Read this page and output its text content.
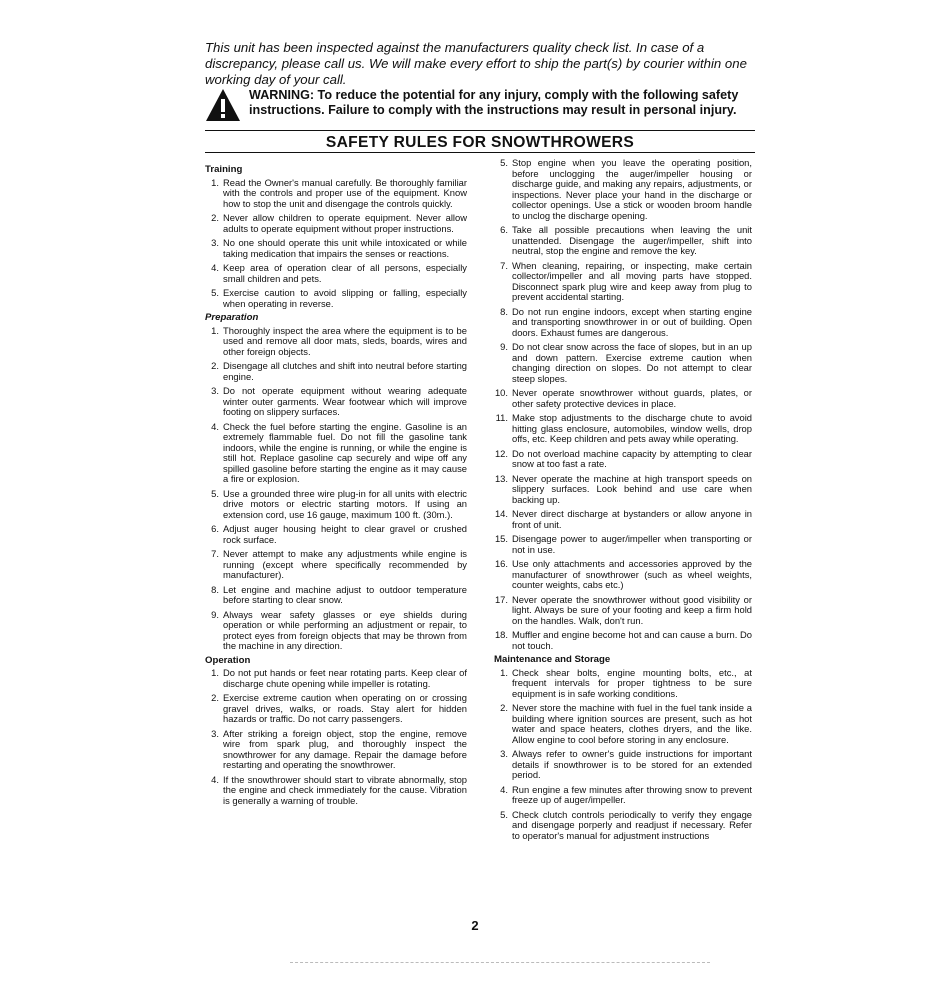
This unit has been inspected against the manufacturers quality check list. In case of a discrepancy, please call us. We will make every effort to ship the part(s) by courier within one working day of your call.
WARNING: To reduce the potential for any injury, comply with the following safety instructions. Failure to comply with the instructions may result in personal injury.
SAFETY RULES FOR SNOWTHROWERS
Training
1. Read the Owner's manual carefully. Be thoroughly familiar with the controls and proper use of the equipment. Know how to stop the unit and disengage the controls quickly.
2. Never allow children to operate equipment. Never allow adults to operate equipment without proper instructions.
3. No one should operate this unit while intoxicated or while taking medication that impairs the senses or reactions.
4. Keep area of operation clear of all persons, especially small children and pets.
5. Exercise caution to avoid slipping or falling, especially when operating in reverse.
Preparation
1. Thoroughly inspect the area where the equipment is to be used and remove all door mats, sleds, boards, wires and other foreign objects.
2. Disengage all clutches and shift into neutral before starting engine.
3. Do not operate equipment without wearing adequate winter outer garments. Wear footwear which will improve footing on slippery surfaces.
4. Check the fuel before starting the engine. Gasoline is an extremely flammable fuel. Do not fill the gasoline tank indoors, while the engine is running, or while the engine is still hot. Replace gasoline cap securely and wipe off any spilled gasoline before starting the engine as it may cause a fire or explosion.
5. Use a grounded three wire plug-in for all units with electric drive motors or electric starting motors. If using an extension cord, use 16 gauge, maximum 100 ft. (30m.).
6. Adjust auger housing height to clear gravel or crushed rock surface.
7. Never attempt to make any adjustments while engine is running (except where specifically recommended by manufacturer).
8. Let engine and machine adjust to outdoor temperature before starting to clear snow.
9. Always wear safety glasses or eye shields during operation or while performing an adjustment or repair, to protect eyes from foreign objects that may be thrown from the machine in any direction.
Operation
1. Do not put hands or feet near rotating parts. Keep clear of discharge chute opening while impeller is rotating.
2. Exercise extreme caution when operating on or crossing gravel drives, walks, or roads. Stay alert for hidden hazards or traffic. Do not carry passengers.
3. After striking a foreign object, stop the engine, remove wire from spark plug, and thoroughly inspect the snowthrower for any damage. Repair the damage before restarting and operating the snowthrower.
4. If the snowthrower should start to vibrate abnormally, stop the engine and check immediately for the cause. Vibration is generally a warning of trouble.
5. Stop engine when you leave the operating position, before unclogging the auger/impeller housing or discharge guide, and making any repairs, adjustments, or inspections. Never place your hand in the discharge or collector openings. Use a stick or wooden broom handle to unclog the discharge opening.
6. Take all possible precautions when leaving the unit unattended. Disengage the auger/impeller, shift into neutral, stop the engine and remove the key.
7. When cleaning, repairing, or inspecting, make certain collector/impeller and all moving parts have stopped. Disconnect spark plug wire and keep away from plug to prevent accidental starting.
8. Do not run engine indoors, except when starting engine and transporting snowthrower in or out of building. Open doors. Exhaust fumes are dangerous.
9. Do not clear snow across the face of slopes, but in an up and down pattern. Exercise extreme caution when changing direction on slopes. Do not attempt to clear steep slopes.
10. Never operate snowthrower without guards, plates, or other safety protective devices in place.
11. Make stop adjustments to the discharge chute to avoid hitting glass enclosure, automobiles, window wells, drop offs, etc. Keep children and pets away while operating.
12. Do not overload machine capacity by attempting to clear snow at too fast a rate.
13. Never operate the machine at high transport speeds on slippery surfaces. Look behind and use care when backing up.
14. Never direct discharge at bystanders or allow anyone in front of unit.
15. Disengage power to auger/impeller when transporting or not in use.
16. Use only attachments and accessories approved by the manufacturer of snowthrower (such as wheel weights, counter weights, cabs etc.)
17. Never operate the snowthrower without good visibility or light. Always be sure of your footing and keep a firm hold on the handles. Walk, don't run.
18. Muffler and engine become hot and can cause a burn. Do not touch.
Maintenance and Storage
1. Check shear bolts, engine mounting bolts, etc., at frequent intervals for proper tightness to be sure equipment is in safe working conditions.
2. Never store the machine with fuel in the fuel tank inside a building where ignition sources are present, such as hot water and space heaters, clothes dryers, and the like. Allow engine to cool before storing in any enclosure.
3. Always refer to owner's guide instructions for important details if snowthrower is to be stored for an extended period.
4. Run engine a few minutes after throwing snow to prevent freeze up of auger/impeller.
5. Check clutch controls periodically to verify they engage and disengage porperly and readjust if necessary. Refer to operator's manual for adjustment instructions
2
